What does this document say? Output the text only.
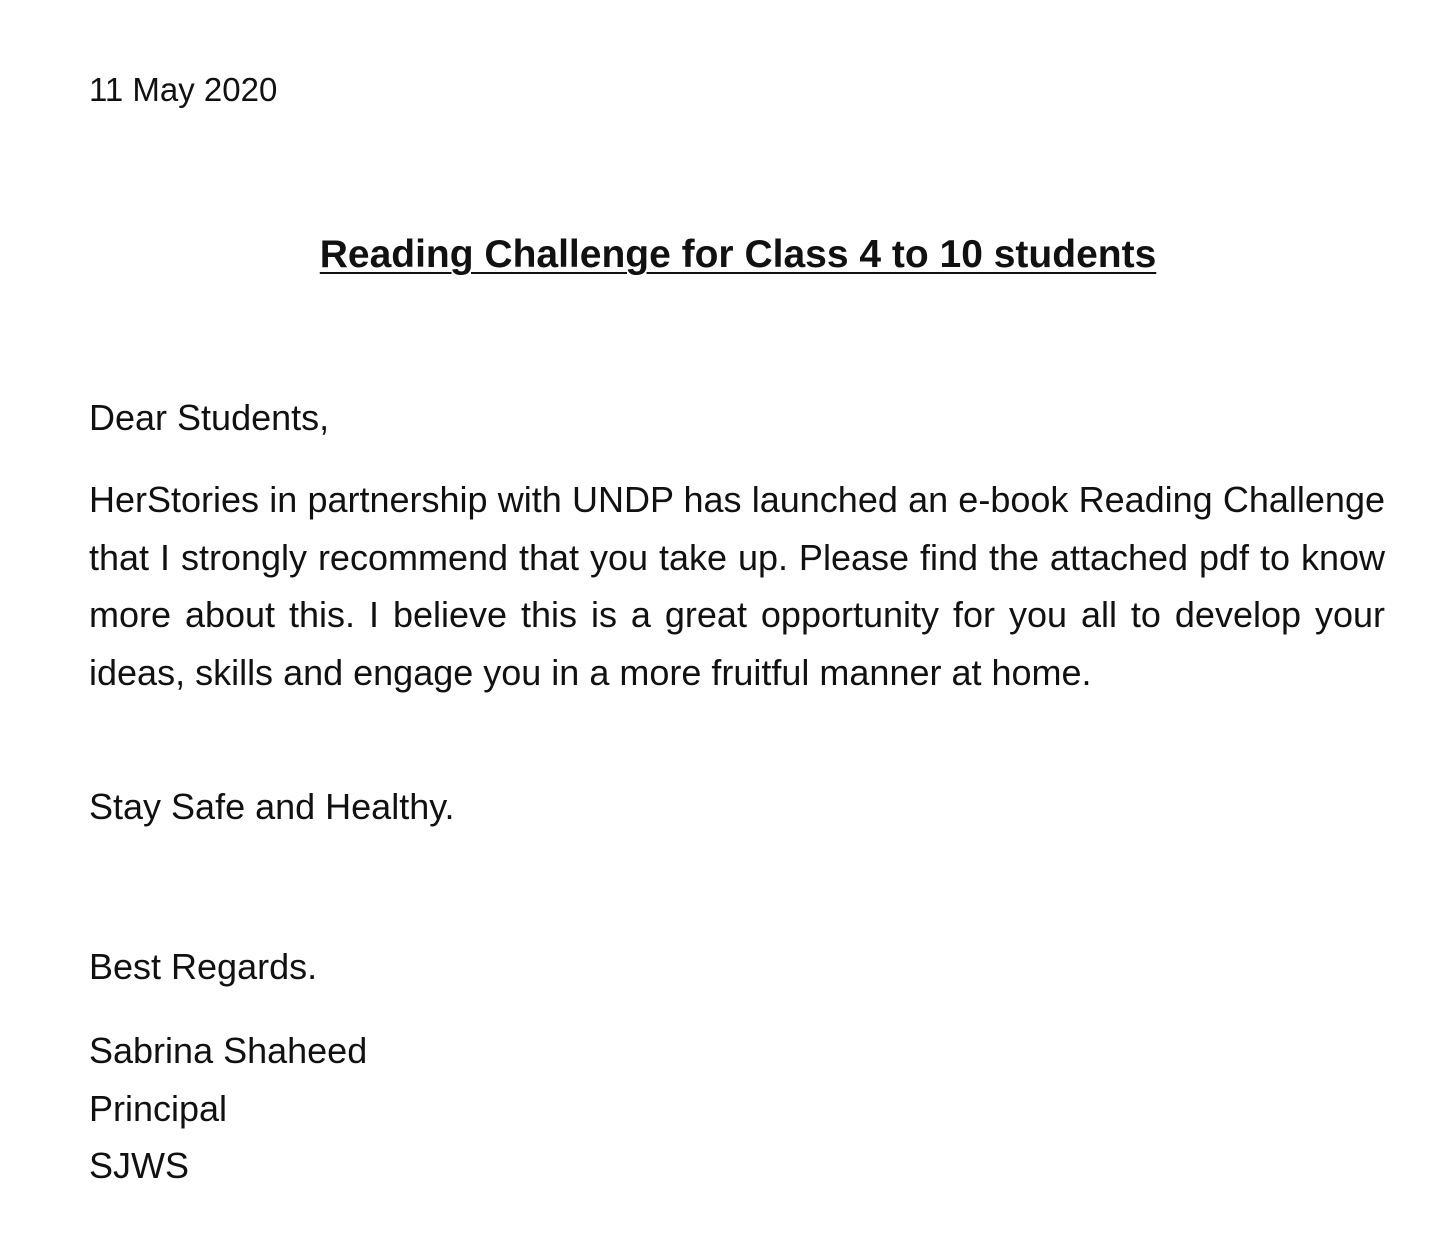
11 May 2020
Reading Challenge for Class 4 to 10 students
Dear Students,

HerStories in partnership with UNDP has launched an e-book Reading Challenge that I strongly recommend that you take up. Please find the attached pdf to know more about this. I believe this is a great opportunity for you all to develop your ideas, skills and engage you in a more fruitful manner at home.

Stay Safe and Healthy.
Best Regards.
Sabrina Shaheed
Principal
SJWS
